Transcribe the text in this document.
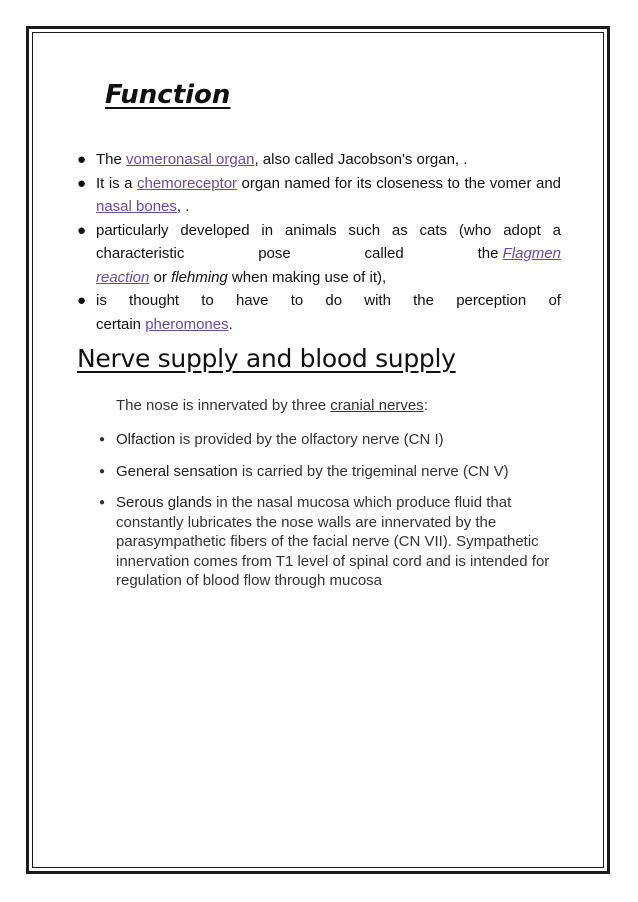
Function
● The vomeronasal organ, also called Jacobson's organ, .
● It is a chemoreceptor organ named for its closeness to the vomer and nasal bones, .
● particularly developed in animals such as cats (who adopt a
characteristic	pose	called	the Flagmen
reaction or flehming when making use of it),
● is thought to have to do with the perception of
certain pheromones.
Nerve supply and blood supply

The nose is innervated by three cranial nerves:

● Olfaction is provided by the olfactory nerve (CN I)
● General sensation is carried by the trigeminal nerve (CN V)
● Serous glands in the nasal mucosa which produce fluid that constantly lubricates the nose walls are innervated by the parasympathetic fibers of the facial nerve (CN VII). Sympathetic innervation comes from T1 level of spinal cord and is intended for regulation of blood flow through mucosa
